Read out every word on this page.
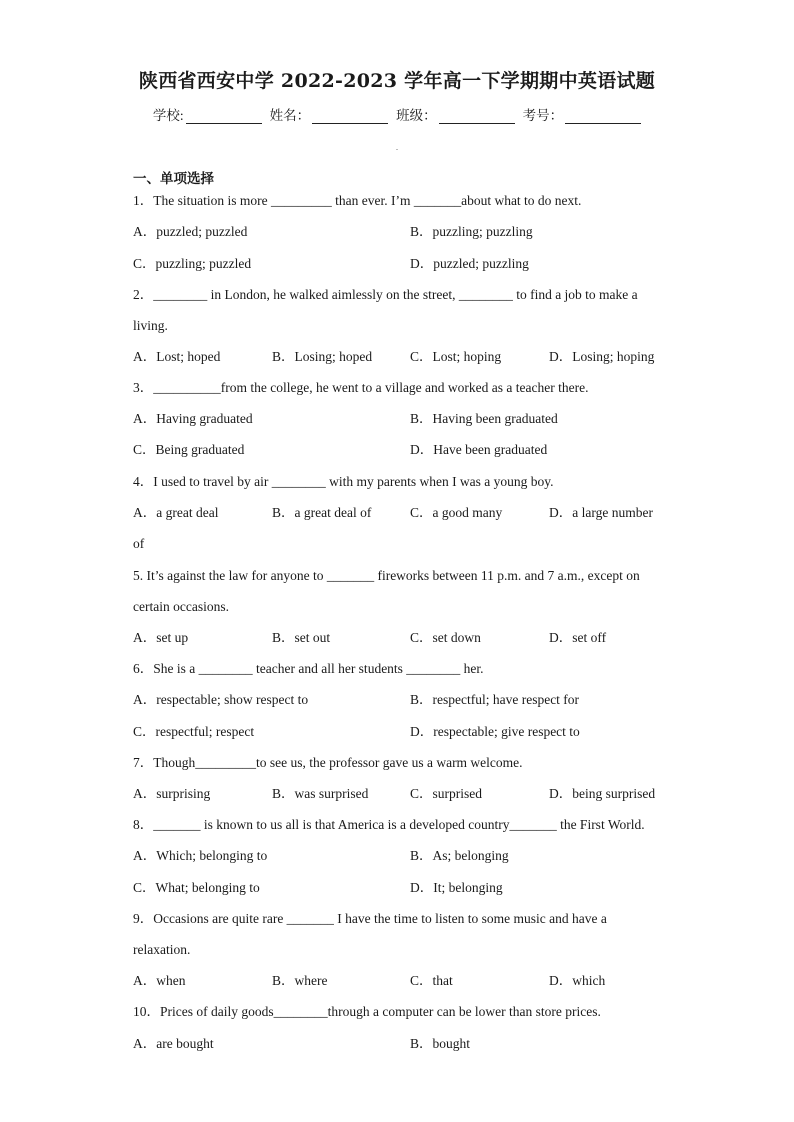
陕西省西安中学 2022-2023 学年高一下学期期中英语试题
学校:	姓名：	班级：	考号：
一、单项选择
1．The situation is more _________ than ever. I’m _______about what to do next.
A．puzzled; puzzled	B．puzzling; puzzling
C．puzzling; puzzled	D．puzzled; puzzling
2．________ in London, he walked aimlessly on the street, ________ to find a job to make a
living.
A．Lost; hoped	B．Losing; hoped	C．Lost; hoping	D．Losing; hoping
3．__________from the college, he went to a village and worked as a teacher there.
A．Having graduated	B．Having been graduated
C．Being graduated	D．Have been graduated
4．I used to travel by air ________ with my parents when I was a young boy.
A．a great deal	B．a great deal of	C．a good many	D．a large number
of
5. It’s against the law for anyone to _______ fireworks between 11 p.m. and 7 a.m., except on
certain occasions.
A．set up	B．set out	C．set down	D．set off
6．She is a ________ teacher and all her students ________ her.
A．respectable; show respect to	B．respectful; have respect for
C．respectful; respect	D．respectable; give respect to
7．Though_________to see us, the professor gave us a warm welcome.
A．surprising	B．was surprised	C．surprised	D．being surprised
8．_______ is known to us all is that America is a developed country_______ the First World.
A．Which; belonging to	B．As; belonging
C．What; belonging to	D．It; belonging
9．Occasions are quite rare _______ I have the time to listen to some music and have a
relaxation.
A．when	B．where	C．that	D．which
10．Prices of daily goods________through a computer can be lower than store prices.
A．are bought	B．bought
